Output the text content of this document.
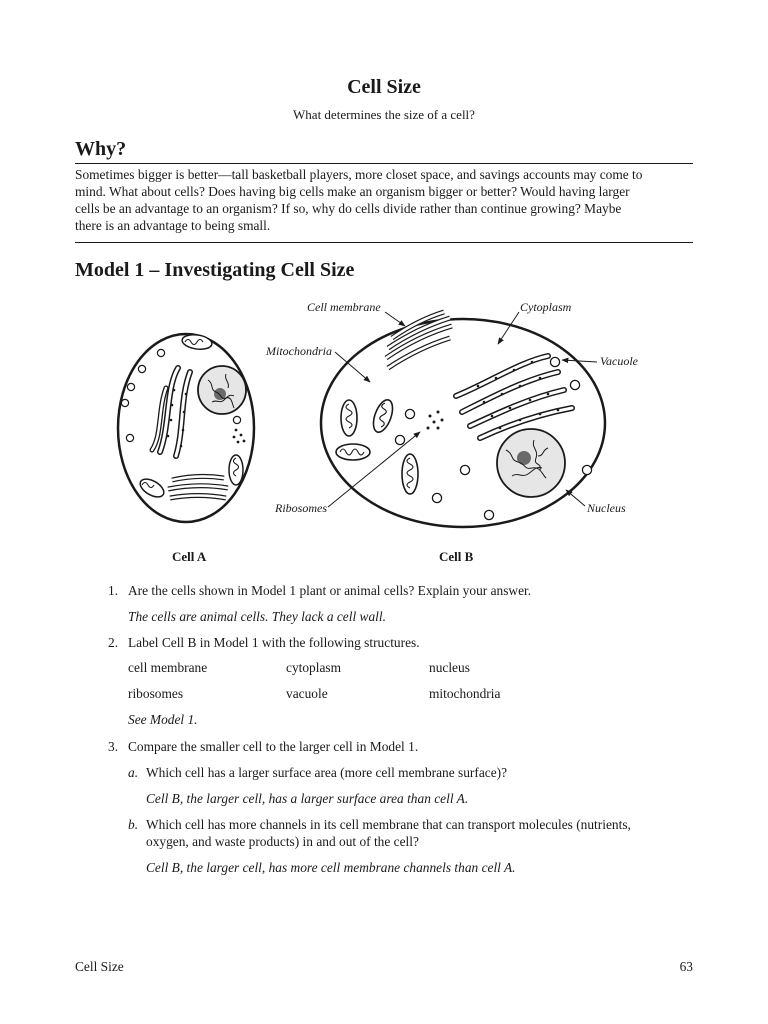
Cell Size
What determines the size of a cell?
Why?
Sometimes bigger is better—tall basketball players, more closet space, and savings accounts may come to
mind. What about cells? Does having big cells make an organism bigger or better? Would having larger
cells be an advantage to an organism? If so, why do cells divide rather than continue growing? Maybe
there is an advantage to being small.
Model 1 – Investigating Cell Size
Cell membrane	Cytoplasm
Mitochondria
Vacuole
Ribosomes	Nucleus
Cell A	Cell B
1. Are the cells shown in Model 1 plant or animal cells? Explain your answer.
The cells are animal cells. They lack a cell wall.
2. Label Cell B in Model 1 with the following structures.
cell membrane	cytoplasm	nucleus
ribosomes	vacuole	mitochondria
See Model 1.
3. Compare the smaller cell to the larger cell in Model 1.
a. Which cell has a larger surface area (more cell membrane surface)?
Cell B, the larger cell, has a larger surface area than cell A.
b. Which cell has more channels in its cell membrane that can transport molecules (nutrients,
oxygen, and waste products) in and out of the cell?
Cell B, the larger cell, has more cell membrane channels than cell A.
Cell Size	63
